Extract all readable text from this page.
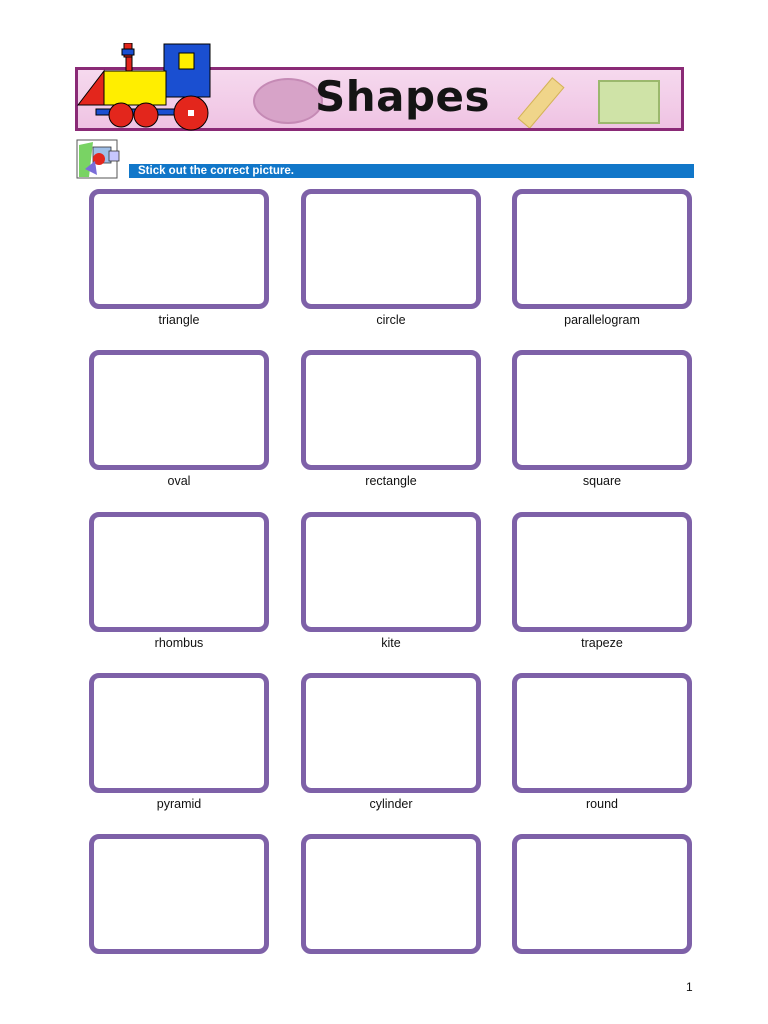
Shapes
Stick out the correct picture.
triangle	circle	parallelogram
oval	rectangle	square
rhombus	kite	trapeze
pyramid	cylinder	round
1
